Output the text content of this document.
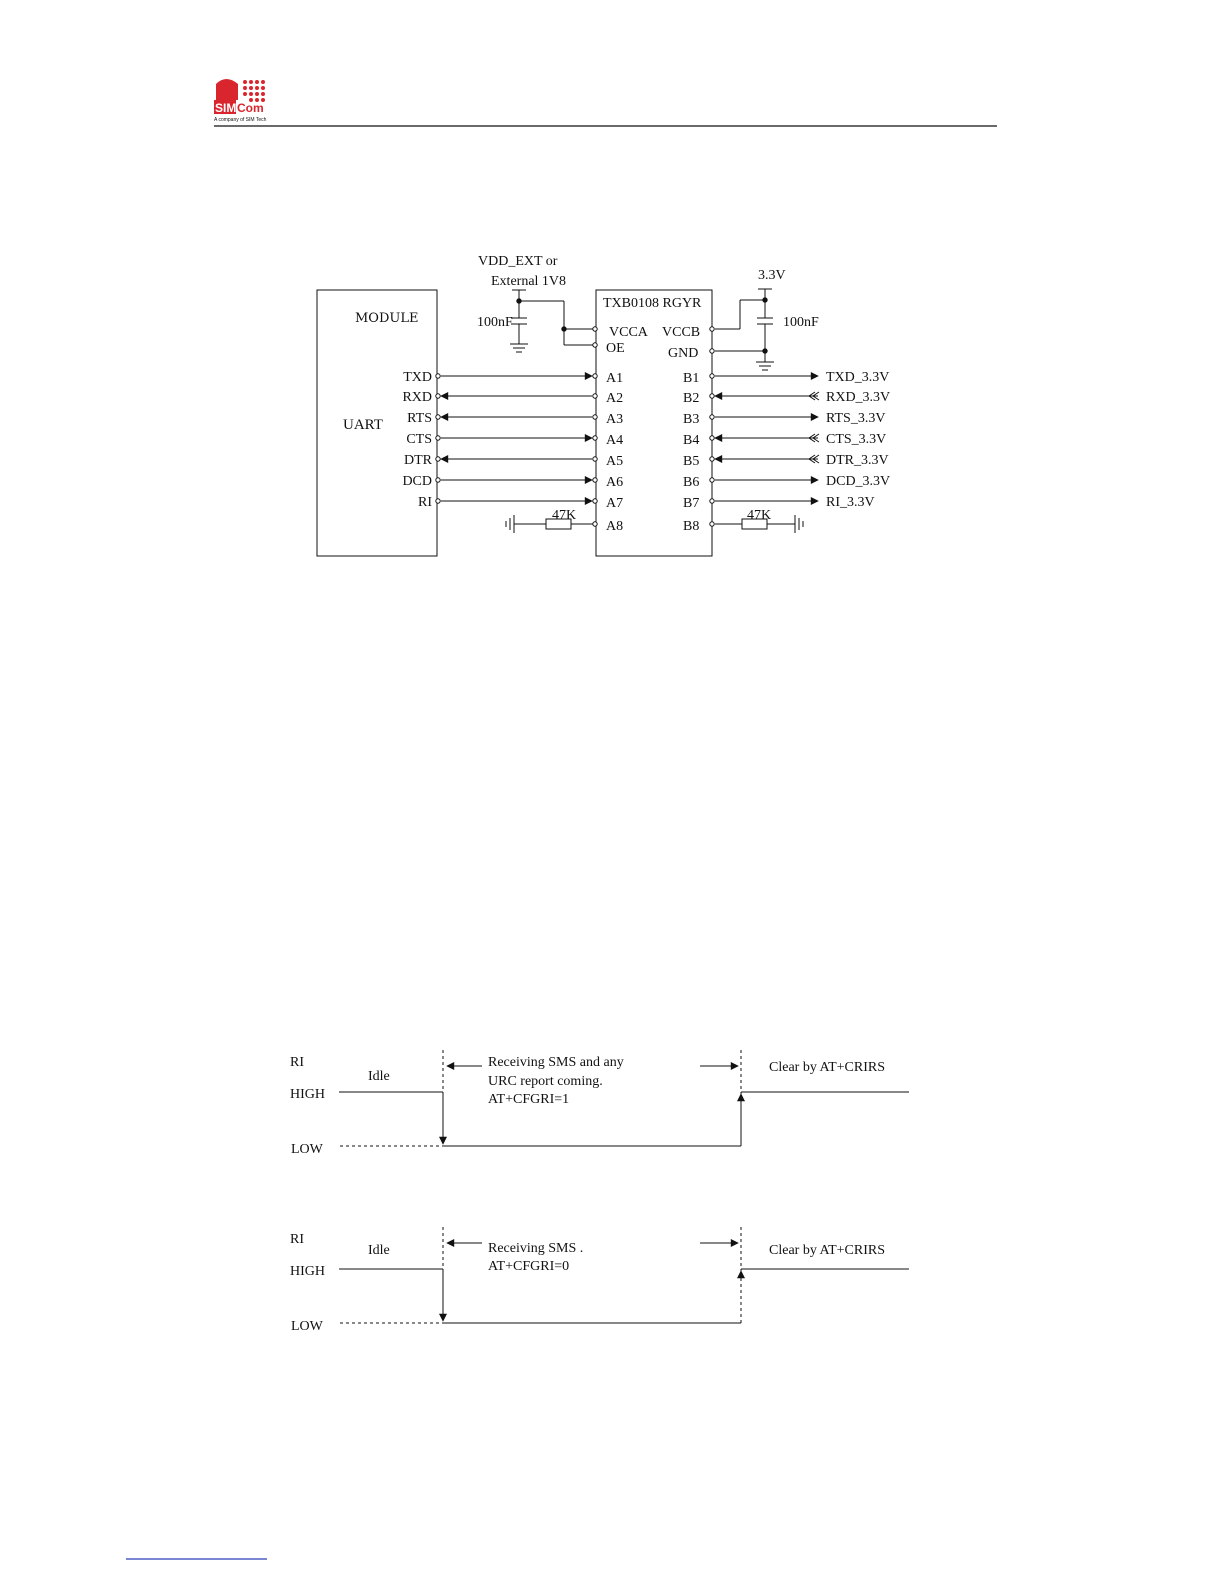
SIM Com
A company of SIM Tech
VDD_EXT or
External 1V8	3.3V
MODULE
UART
TXB0108 RGYR
VCCA
OE
VCCB
GND
100nF	100nF
TXD	A1	B1	TXD_3.3V
RXD	A2	B2	RXD_3.3V
RTS	A3	B3	RTS_3.3V
CTS	A4	B4	CTS_3.3V
DTR	A5	B5	DTR_3.3V
DCD	A6	B6	DCD_3.3V
RI	A7	B7	RI_3.3V
A8	B8
47K	47K
RI
Idle
HIGH
LOW
Receiving SMS and any
URC report coming.
AT+CFGRI=1
Clear by AT+CRIRS
RI
Idle
HIGH
LOW
Receiving SMS .
AT+CFGRI=0
Clear by AT+CRIRS
